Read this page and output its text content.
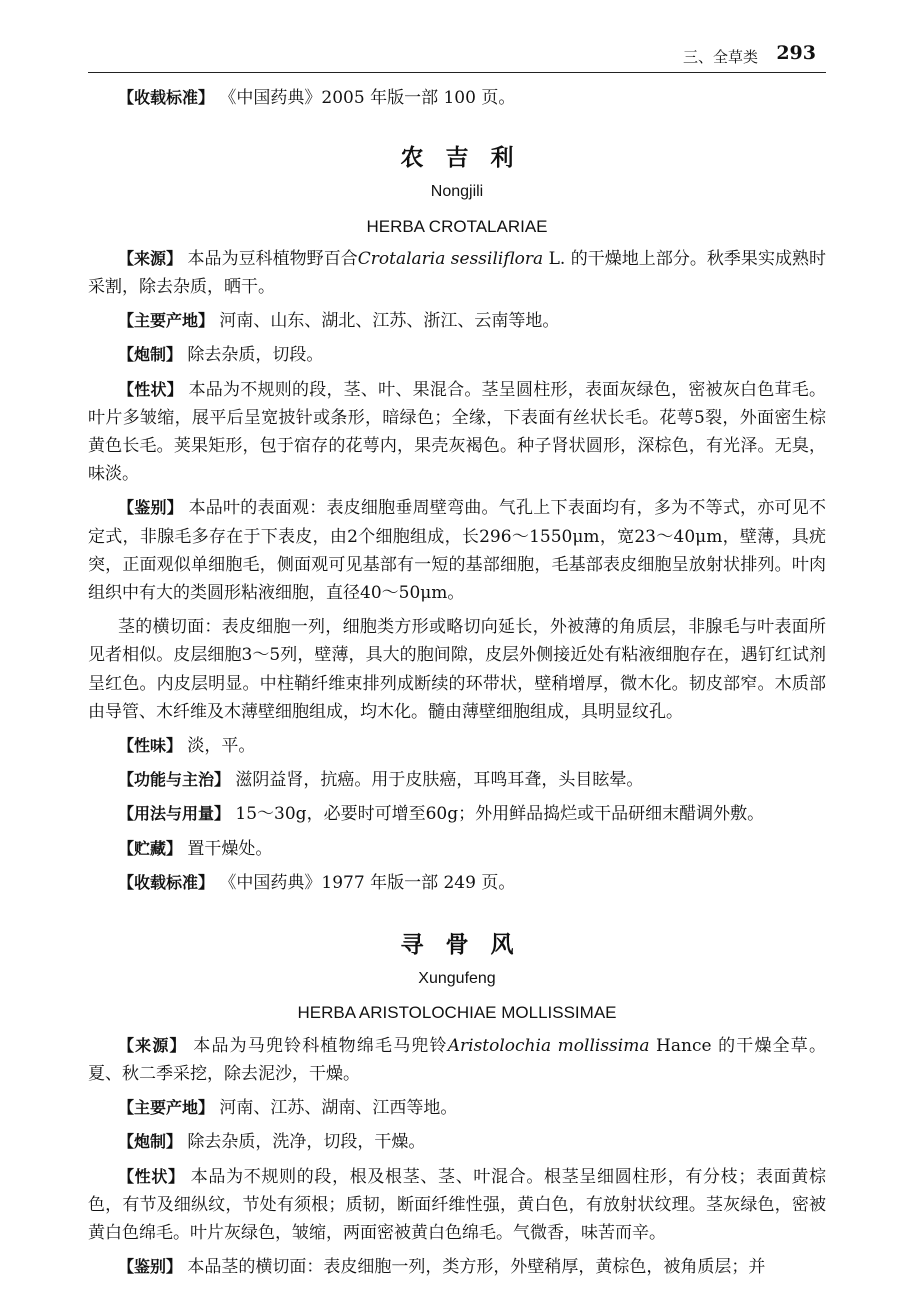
三、全草类 293

【收载标准】 《中国药典》2005 年版一部 100 页。

农吉利

Nongjili

HERBA CROTALARIAE

【来源】 本品为豆科植物野百合Crotalaria sessiliflora L. 的干燥地上部分。秋季果实成熟时采割，除去杂质，晒干。

【主要产地】 河南、山东、湖北、江苏、浙江、云南等地。

【炮制】 除去杂质，切段。

【性状】 本品为不规则的段，茎、叶、果混合。茎呈圆柱形，表面灰绿色，密被灰白色茸毛。叶片多皱缩，展平后呈宽披针或条形，暗绿色；全缘，下表面有丝状长毛。花萼5裂，外面密生棕黄色长毛。荚果矩形，包于宿存的花萼内，果壳灰褐色。种子肾状圆形，深棕色，有光泽。无臭，味淡。

【鉴别】 本品叶的表面观：表皮细胞垂周壁弯曲。气孔上下表面均有，多为不等式，亦可见不定式，非腺毛多存在于下表皮，由2个细胞组成，长296～1550μm，宽23～40μm，壁薄，具疣突，正面观似单细胞毛，侧面观可见基部有一短的基部细胞，毛基部表皮细胞呈放射状排列。叶肉组织中有大的类圆形粘液细胞，直径40～50μm。

茎的横切面：表皮细胞一列，细胞类方形或略切向延长，外被薄的角质层，非腺毛与叶表面所见者相似。皮层细胞3～5列，壁薄，具大的胞间隙，皮层外侧接近处有粘液细胞存在，遇钉红试剂呈红色。内皮层明显。中柱鞘纤维束排列成断续的环带状，壁稍增厚，微木化。韧皮部窄。木质部由导管、木纤维及木薄壁细胞组成，均木化。髓由薄壁细胞组成，具明显纹孔。

【性味】 淡，平。

【功能与主治】 滋阴益肾，抗癌。用于皮肤癌，耳鸣耳聋，头目眩晕。

【用法与用量】 15～30g，必要时可增至60g；外用鲜品捣烂或干品研细末醋调外敷。

【贮藏】 置干燥处。

【收载标准】 《中国药典》1977 年版一部 249 页。

寻骨风

Xungufeng

HERBA ARISTOLOCHIAE MOLLISSIMAE

【来源】 本品为马兜铃科植物绵毛马兜铃Aristolochia mollissima Hance 的干燥全草。夏、秋二季采挖，除去泥沙，干燥。

【主要产地】 河南、江苏、湖南、江西等地。

【炮制】 除去杂质，洗净，切段，干燥。

【性状】 本品为不规则的段，根及根茎、茎、叶混合。根茎呈细圆柱形，有分枝；表面黄棕色，有节及细纵纹，节处有须根；质韧，断面纤维性强，黄白色，有放射状纹理。茎灰绿色，密被黄白色绵毛。叶片灰绿色，皱缩，两面密被黄白色绵毛。气微香，味苦而辛。

【鉴别】 本品茎的横切面：表皮细胞一列，类方形，外壁稍厚，黄棕色，被角质层；并
